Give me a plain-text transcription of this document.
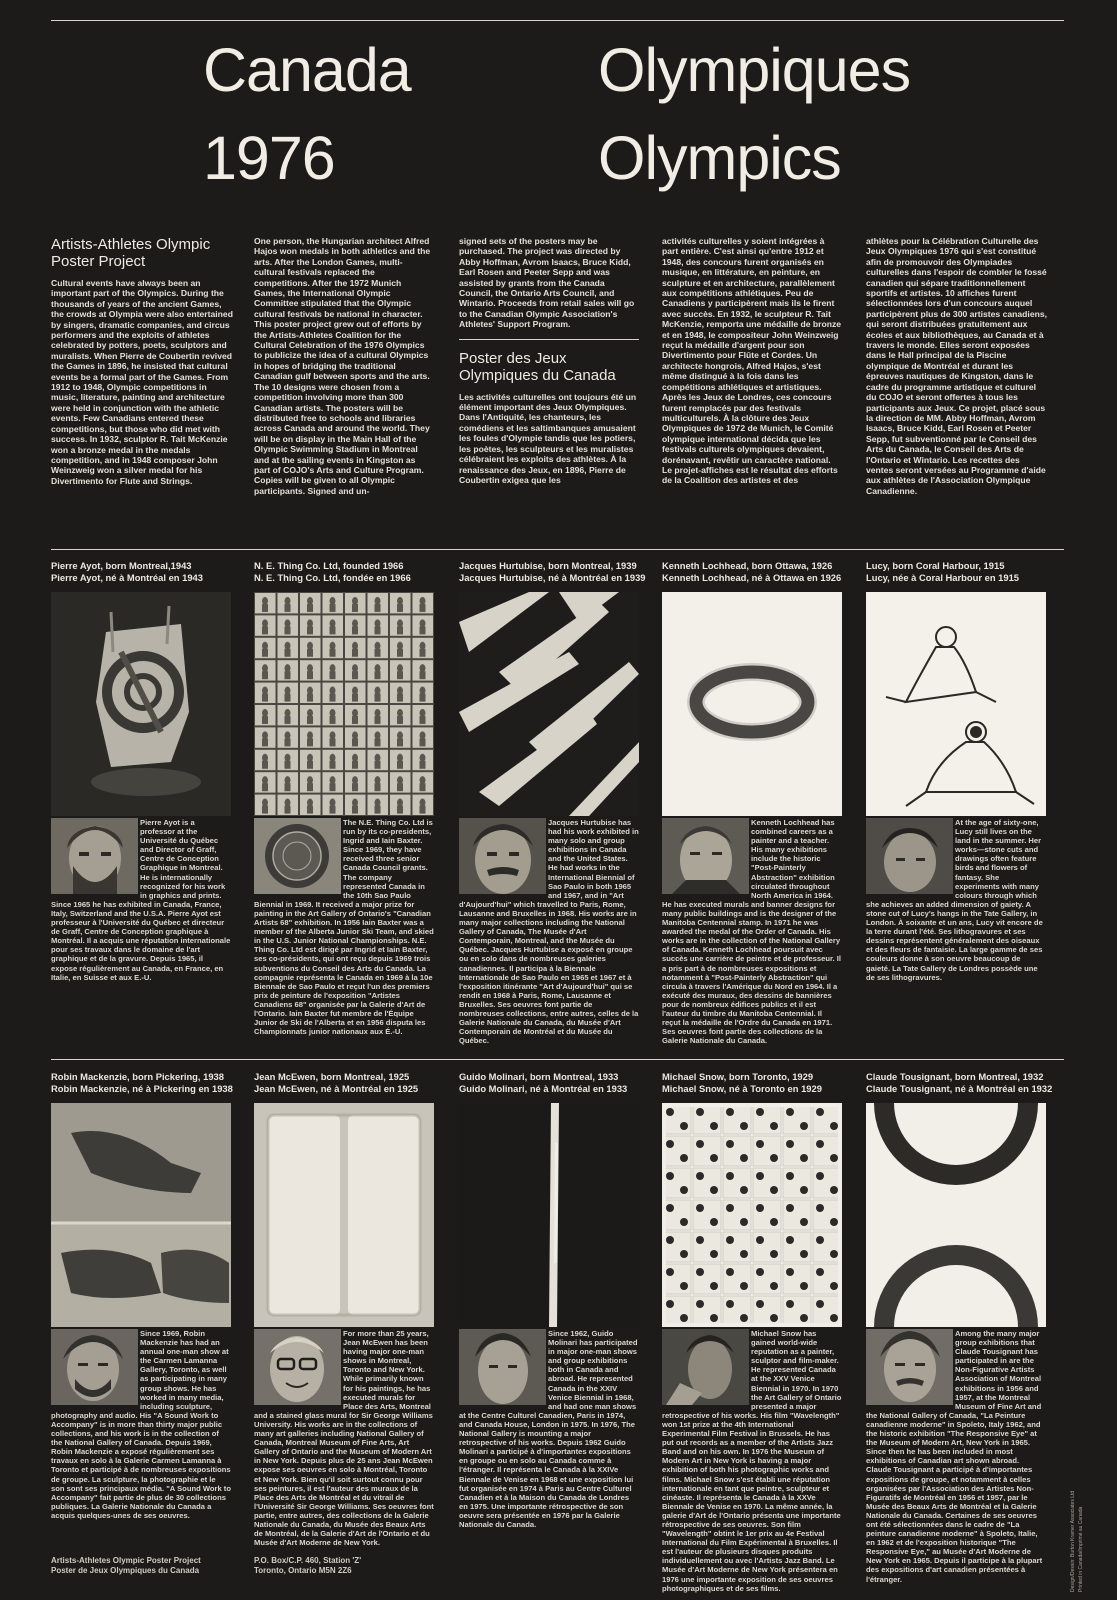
Canada
1976
Olympiques
Olympics
Artists-Athletes Olympic Poster Project

Cultural events have always been an important part of the Olympics. During the thousands of years of the ancient Games, the crowds at Olympia were also entertained by singers, dramatic companies, and circus performers and the exploits of athletes celebrated by potters, poets, sculptors and muralists. When Pierre de Coubertin revived the Games in 1896, he insisted that cultural events be a formal part of the Games. From 1912 to 1948, Olympic competitions in music, literature, painting and architecture were held in conjunction with the athletic events. Few Canadians entered these competitions, but those who did met with success. In 1932, sculptor R. Tait McKenzie won a bronze medal in the medals competition, and in 1948 composer John Weinzweig won a silver medal for his Divertimento for Flute and Strings.

One person, the Hungarian architect Alfred Hajos won medals in both athletics and the arts. After the London Games, multi-cultural festivals replaced the competitions. After the 1972 Munich Games, the International Olympic Committee stipulated that the Olympic cultural festivals be national in character. This poster project grew out of efforts by the Artists-Athletes Coalition for the Cultural Celebration of the 1976 Olympics to publicize the idea of a cultural Olympics in hopes of bridging the traditional Canadian gulf between sports and the arts. The 10 designs were chosen from a competition involving more than 300 Canadian artists. The posters will be distributed free to schools and libraries across Canada and around the world. They will be on display in the Main Hall of the Olympic Swimming Stadium in Montreal and at the sailing events in Kingston as part of COJO's Arts and Culture Program. Copies will be given to all Olympic participants. Signed and un-

signed sets of the posters may be purchased. The project was directed by Abby Hoffman, Avrom Isaacs, Bruce Kidd, Earl Rosen and Peeter Sepp and was assisted by grants from the Canada Council, the Ontario Arts Council, and Wintario. Proceeds from retail sales will go to the Canadian Olympic Association's Athletes' Support Program.

Poster des Jeux Olympiques du Canada

Les activités culturelles ont toujours été un élément important des Jeux Olympiques. Dans l'Antiquité, les chanteurs, les comédiens et les saltimbanques amusaient les foules d'Olympie tandis que les potiers, les poètes, les sculpteurs et les muralistes célébraient les exploits des athlètes. À la renaissance des Jeux, en 1896, Pierre de Coubertin exigea que les

activités culturelles y soient intégrées à part entière. C'est ainsi qu'entre 1912 et 1948, des concours furent organisés en musique, en littérature, en peinture, en sculpture et en architecture, parallèlement aux compétitions athlétiques. Peu de Canadiens y participèrent mais ils le firent avec succès. En 1932, le sculpteur R. Tait McKenzie, remporta une médaille de bronze et en 1948, le compositeur John Weinzweig reçut la médaille d'argent pour son Divertimento pour Flûte et Cordes. Un architecte hongrois, Alfred Hajos, s'est même distingué à la fois dans les compétitions athlétiques et artistiques. Après les Jeux de Londres, ces concours furent remplacés par des festivals multiculturels. À la clôture des Jeux Olympiques de 1972 de Munich, le Comité olympique international décida que les festivals culturels olympiques devaient, dorénavant, revêtir un caractère national. Le projet-affiches est le résultat des efforts de la Coalition des artistes et des

athlètes pour la Célébration Culturelle des Jeux Olympiques 1976 qui s'est constitué afin de promouvoir des Olympiades culturelles dans l'espoir de combler le fossé canadien qui sépare traditionnellement sportifs et artistes. 10 affiches furent sélectionnées lors d'un concours auquel participèrent plus de 300 artistes canadiens, qui seront distribuées gratuitement aux écoles et aux bibliothèques, au Canada et à travers le monde. Elles seront exposées dans le Hall principal de la Piscine olympique de Montréal et durant les épreuves nautiques de Kingston, dans le cadre du programme artistique et culturel du COJO et seront offertes à tous les participants aux Jeux. Ce projet, placé sous la direction de MM. Abby Hoffman, Avrom Isaacs, Bruce Kidd, Earl Rosen et Peeter Sepp, fut subventionné par le Conseil des Arts du Canada, le Conseil des Arts de l'Ontario et Wintario. Les recettes des ventes seront versées au Programme d'aide aux athlètes de l'Association Olympique Canadienne.

Pierre Ayot, born Montreal,1943
Pierre Ayot, né à Montréal en 1943

Pierre Ayot is a professor at the Université du Québec and Director of Graff, Centre de Conception Graphique in Montreal. He is internationally recognized for his work in graphics and prints. Since 1965 he has exhibited in Canada, France, Italy, Switzerland and the U.S.A. Pierre Ayot est professeur à l'Université du Québec et directeur de Graff, Centre de Conception graphique à Montréal. Il a acquis une réputation internationale pour ses travaux dans le domaine de l'art graphique et de la gravure. Depuis 1965, il expose régulièrement au Canada, en France, en Italie, en Suisse et aux E.-U.

N. E. Thing Co. Ltd, founded 1966
N. E. Thing Co. Ltd, fondée en 1966

The N.E. Thing Co. Ltd is run by its co-presidents, Ingrid and Iain Baxter. Since 1969, they have received three senior Canada Council grants. The company represented Canada in the 10th Sao Paulo Biennial in 1969. It received a major prize for painting in the Art Gallery of Ontario's "Canadian Artists 68" exhibition. In 1956 Iain Baxter was a member of the Alberta Junior Ski Team, and skied in the U.S. Junior National Championships. N.E. Thing Co. Ltd est dirigé par Ingrid et Iain Baxter, ses co-présidents, qui ont reçu depuis 1969 trois subventions du Conseil des Arts du Canada. La compagnie représenta le Canada en 1969 à la 10e Biennale de Sao Paulo et reçut l'un des premiers prix de peinture de l'exposition "Artistes Canadiens 68" organisée par la Galerie d'Art de l'Ontario. Iain Baxter fut membre de l'Équipe Junior de Ski de l'Alberta et en 1956 disputa les Championnats junior nationaux aux É.-U.

Jacques Hurtubise, born Montreal, 1939
Jacques Hurtubise, né à Montréal en 1939

Jacques Hurtubise has had his work exhibited in many solo and group exhibitions in Canada and the United States. He had works in the International Biennial of Sao Paulo in both 1965 and 1967, and in "Art d'Aujourd'hui" which travelled to Paris, Rome, Lausanne and Bruxelles in 1968. His works are in many major collections including the National Gallery of Canada, The Musée d'Art Contemporain, Montreal, and the Musée du Québec. Jacques Hurtubise a exposé en groupe ou en solo dans de nombreuses galeries canadiennes. Il participa à la Biennale Internationale de Sao Paulo en 1965 et 1967 et à l'exposition itinérante "Art d'Aujourd'hui" qui se rendit en 1968 à Paris, Rome, Lausanne et Bruxelles. Ses oeuvres font partie de nombreuses collections, entre autres, celles de la Galerie Nationale du Canada, du Musée d'Art Contemporain de Montréal et du Musée du Québec.

Kenneth Lochhead, born Ottawa, 1926
Kenneth Lochhead, né à Ottawa en 1926

Kenneth Lochhead has combined careers as a painter and a teacher. His many exhibitions include the historic "Post-Painterly Abstraction" exhibition circulated throughout North America in 1964. He has executed murals and banner designs for many public buildings and is the designer of the Manitoba Centennial stamp. In 1971 he was awarded the medal of the Order of Canada. His works are in the collection of the National Gallery of Canada. Kenneth Lochhead poursuit avec succès une carrière de peintre et de professeur. Il a pris part à de nombreuses expositions et notamment à "Post-Painterly Abstraction" qui circula à travers l'Amérique du Nord en 1964. Il a exécuté des muraux, des dessins de bannières pour de nombreux édifices publics et il est l'auteur du timbre du Manitoba Centennial. Il reçut la médaille de l'Ordre du Canada en 1971. Ses oeuvres font partie des collections de la Galerie Nationale du Canada.

Lucy, born Coral Harbour, 1915
Lucy, née à Coral Harbour en 1915

At the age of sixty-one, Lucy still lives on the land in the summer. Her works—stone cuts and drawings often feature birds and flowers of fantasy. She experiments with many colours through which she achieves an added dimension of gaiety. A stone cut of Lucy's hangs in the Tate Gallery, in London. À soixante et un ans, Lucy vit encore de la terre durant l'été. Ses lithogravures et ses dessins représentent généralement des oiseaux et des fleurs de fantaisie. La large gamme de ses couleurs donne à son oeuvre beaucoup de gaieté. La Tate Gallery de Londres possède une de ses lithogravures.

Robin Mackenzie, born Pickering, 1938
Robin Mackenzie, né à Pickering en 1938

Since 1969, Robin Mackenzie has had an annual one-man show at the Carmen Lamanna Gallery, Toronto, as well as participating in many group shows. He has worked in many media, including sculpture, photography and audio. His "A Sound Work to Accompany" is in more than thirty major public collections, and his work is in the collection of the National Gallery of Canada. Depuis 1969, Robin Mackenzie a exposé régulièrement ses travaux en solo à la Galerie Carmen Lamanna à Toronto et participé à de nombreuses expositions de groupe. La sculpture, la photographie et le son sont ses principaux média. "A Sound Work to Accompany" fait partie de plus de 30 collections publiques. La Galerie Nationale du Canada a acquis quelques-unes de ses oeuvres.

Jean McEwen, born Montreal, 1925
Jean McEwen, né à Montréal en 1925

For more than 25 years, Jean McEwen has been having major one-man shows in Montreal, Toronto and New York. While primarily known for his paintings, he has executed murals for Place des Arts, Montreal and a stained glass mural for Sir George Williams University. His works are in the collections of many art galleries including National Gallery of Canada, Montreal Museum of Fine Arts, Art Gallery of Ontario and the Museum of Modern Art in New York. Depuis plus de 25 ans Jean McEwen expose ses oeuvres en solo à Montréal, Toronto et New York. Bien qu'il soit surtout connu pour ses peintures, il est l'auteur des muraux de la Place des Arts de Montréal et du vitrail de l'Université Sir George Williams. Ses oeuvres font partie, entre autres, des collections de la Galerie Nationale du Canada, du Musée des Beaux Arts de Montréal, de la Galerie d'Art de l'Ontario et du Musée d'Art Moderne de New York.

Guido Molinari, born Montreal, 1933
Guido Molinari, né à Montréal en 1933

Since 1962, Guido Molinari has participated in major one-man shows and group exhibitions both in Canada and abroad. He represented Canada in the XXIV Venice Biennial in 1968, and had one man shows at the Centre Culturel Canadien, Paris in 1974, and Canada House, London in 1975. In 1976, The National Gallery is mounting a major retrospective of his works. Depuis 1962 Guido Molinari a participé à d'importantes expositions en groupe ou en solo au Canada comme à l'étranger. Il représenta le Canada à la XXIVe Biennale de Venise en 1968 et une exposition lui fut organisée en 1974 à Paris au Centre Culturel Canadien et à la Maison du Canada de Londres en 1975. Une importante rétrospective de son oeuvre sera présentée en 1976 par la Galerie Nationale du Canada.

Michael Snow, born Toronto, 1929
Michael Snow, né à Toronto en 1929

Michael Snow has gained world-wide reputation as a painter, sculptor and film-maker. He represented Canada at the XXV Venice Biennial in 1970. In 1970 the Art Gallery of Ontario presented a major retrospective of his works. His film "Wavelength" won 1st prize at the 4th International Experimental Film Festival in Brussels. He has put out records as a member of the Artists Jazz Band and on his own. In 1976 the Museum of Modern Art in New York is having a major exhibition of both his photographic works and films. Michael Snow s'est établi une réputation internationale en tant que peintre, sculpteur et cinéaste. Il représenta le Canada à la XXVe Biennale de Venise en 1970. La même année, la galerie d'Art de l'Ontario présenta une importante rétrospective de ses oeuvres. Son film "Wavelength" obtint le 1er prix au 4e Festival International du Film Expérimental à Bruxelles. Il est l'auteur de plusieurs disques produits individuellement ou avec l'Artists Jazz Band. Le Musée d'Art Moderne de New York présentera en 1976 une importante exposition de ses oeuvres photographiques et de ses films.

Claude Tousignant, born Montreal, 1932
Claude Tousignant, né à Montréal en 1932

Among the many major group exhibitions that Claude Tousignant has participated in are the Non-Figurative Artists Association of Montreal exhibitions in 1956 and 1957, at the Montreal Museum of Fine Art and the National Gallery of Canada, "La Peinture canadienne moderne" in Spoleto, Italy 1962, and the historic exhibition "The Responsive Eye" at the Museum of Modern Art, New York in 1965. Since then he has been included in most exhibitions of Canadian art shown abroad. Claude Tousignant a participé à d'importantes expositions de groupe, et notamment à celles organisées par l'Association des Artistes Non-Figuratifs de Montréal en 1956 et 1957, par le Musée des Beaux Arts de Montréal et la Galerie Nationale du Canada. Certaines de ses oeuvres ont été sélectionnées dans le cadre de "La peinture canadienne moderne" à Spoleto, Italie, en 1962 et de l'exposition historique "The Responsive Eye," au Musée d'Art Moderne de New York en 1965. Depuis il participe à la plupart des expositions d'art canadien présentées à l'étranger.

Artists-Athletes Olympic Poster Project
Poster de Jeux Olympiques du Canada
P.O. Box/C.P. 460, Station 'Z'
Toronto, Ontario M5N 2Z6	Design/Dessin: Burton Kramer Associates Ltd Printed in Canada/Imprimé au Canada
